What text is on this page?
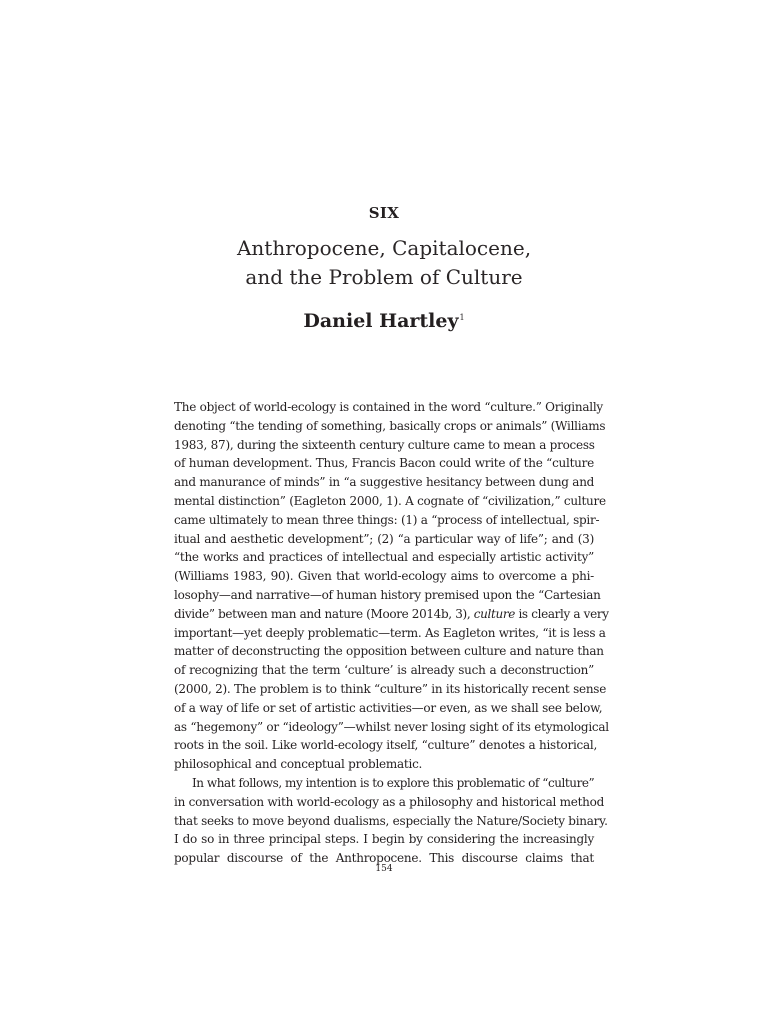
SIX
Anthropocene, Capitalocene,
and the Problem of Culture
Daniel Hartley$^1$
The object of world-ecology is contained in the word “culture.” Originally
denoting “the tending of something, basically crops or animals” (Williams
1983, 87), during the sixteenth century culture came to mean a process
of human development. Thus, Francis Bacon could write of the “culture
and manurance of minds” in “a suggestive hesitancy between dung and
mental distinction” (Eagleton 2000, 1). A cognate of “civilization,” culture
came ultimately to mean three things: (1) a “process of intellectual, spir-
itual and aesthetic development”; (2) “a particular way of life”; and (3)
“the works and practices of intellectual and especially artistic activity”
(Williams 1983, 90). Given that world-ecology aims to overcome a phi-
losophy—and narrative—of human history premised upon the “Cartesian
divide” between man and nature (Moore 2014b, 3), culture is clearly a very
important—yet deeply problematic—term. As Eagleton writes, “it is less a
matter of deconstructing the opposition between culture and nature than
of recognizing that the term ‘culture’ is already such a deconstruction”
(2000, 2). The problem is to think “culture” in its historically recent sense
of a way of life or set of artistic activities—or even, as we shall see below,
as “hegemony” or “ideology”—whilst never losing sight of its etymological
roots in the soil. Like world-ecology itself, “culture” denotes a historical,
philosophical and conceptual problematic.
In what follows, my intention is to explore this problematic of “culture”
in conversation with world-ecology as a philosophy and historical method
that seeks to move beyond dualisms, especially the Nature/Society binary.
I do so in three principal steps. I begin by considering the increasingly
popular discourse of the Anthropocene. This discourse claims that
154
